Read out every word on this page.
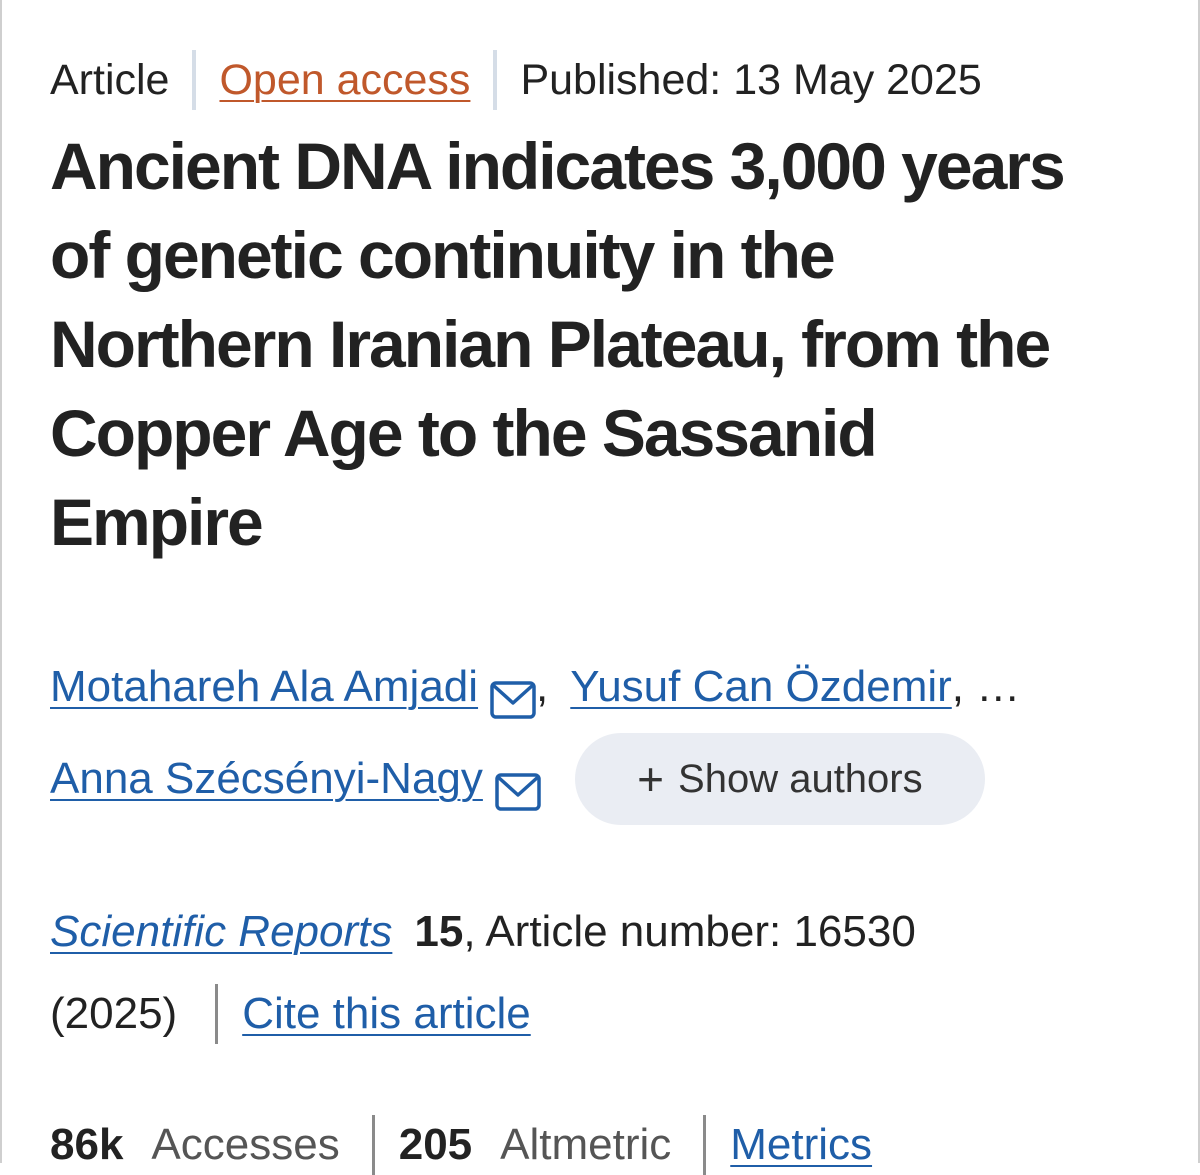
Article Open access Published: 13 May 2025
Ancient DNA indicates 3,000 years of genetic continuity in the Northern Iranian Plateau, from the Copper Age to the Sassanid Empire
Motahareh Ala Amjadi , Yusuf Can Özdemir , …
Anna Szécsényi-Nagy	+ Show authors
Scientific Reports 15 , Article number: 16530
(2025) Cite this article
86k Accesses 205 Altmetric Metrics
